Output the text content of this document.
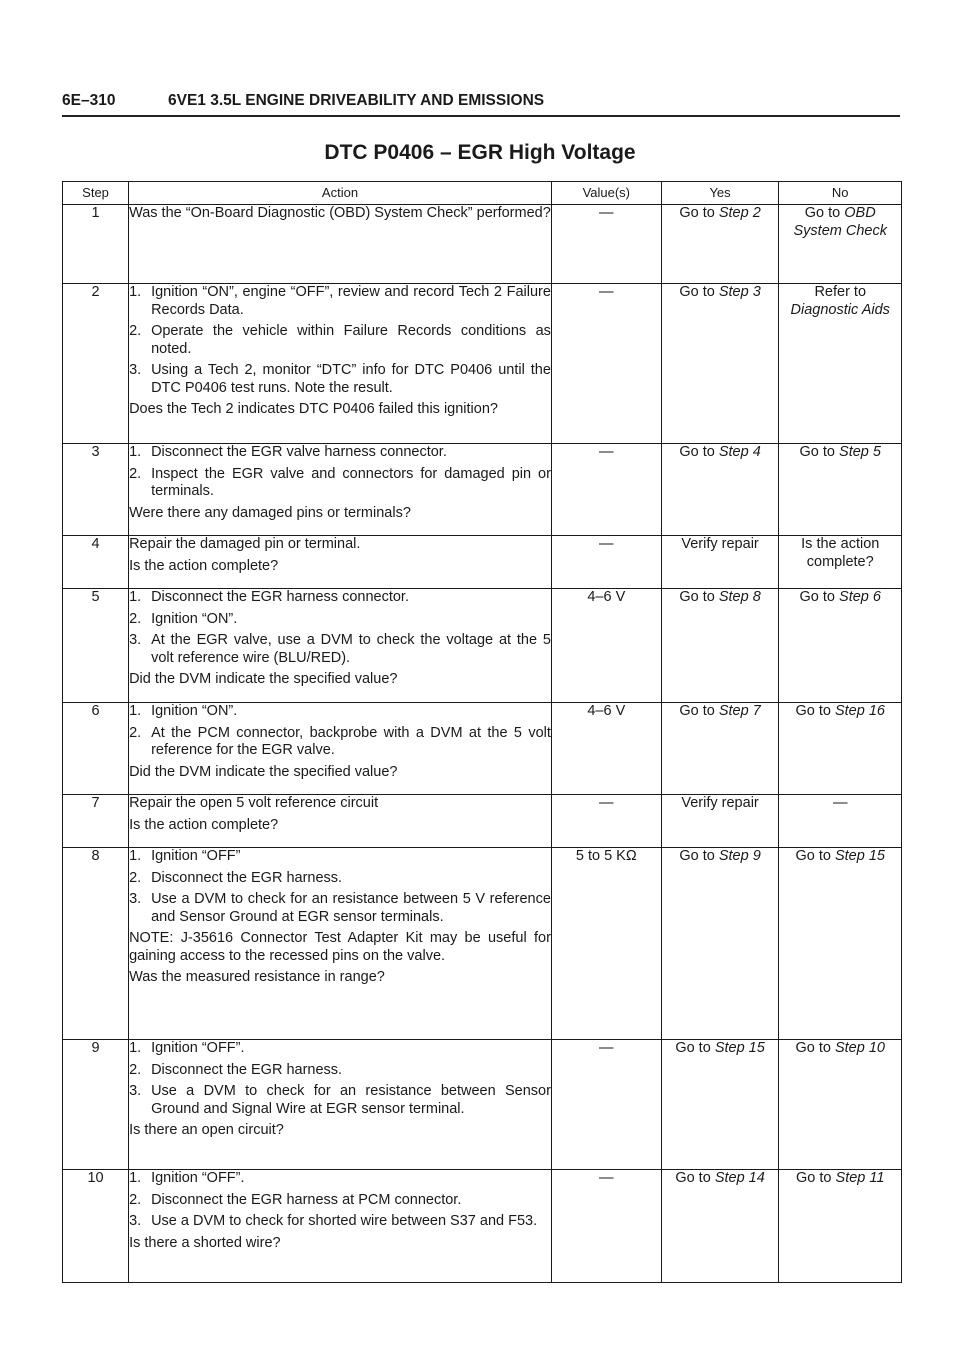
6E–310	6VE1 3.5L ENGINE DRIVEABILITY AND EMISSIONS
DTC P0406 – EGR High Voltage
Step	Action	Value(s)	Yes	No
1	Was the “On-Board Diagnostic (OBD) System Check” performed?	—	Go to Step 2	Go to OBD System Check
2	1. Ignition “ON”, engine “OFF”, review and record Tech 2 Failure Records Data.
2. Operate the vehicle within Failure Records conditions as noted.
3. Using a Tech 2, monitor “DTC” info for DTC P0406 until the DTC P0406 test runs. Note the result.
Does the Tech 2 indicates DTC P0406 failed this ignition?	—	Go to Step 3	Refer to Diagnostic Aids
3	1. Disconnect the EGR valve harness connector.
2. Inspect the EGR valve and connectors for damaged pin or terminals.
Were there any damaged pins or terminals?	—	Go to Step 4	Go to Step 5
4	Repair the damaged pin or terminal.
Is the action complete?	—	Verify repair	Is the action complete?
5	1. Disconnect the EGR harness connector.
2. Ignition “ON”.
3. At the EGR valve, use a DVM to check the voltage at the 5 volt reference wire (BLU/RED).
Did the DVM indicate the specified value?	4–6 V	Go to Step 8	Go to Step 6
6	1. Ignition “ON”.
2. At the PCM connector, backprobe with a DVM at the 5 volt reference for the EGR valve.
Did the DVM indicate the specified value?	4–6 V	Go to Step 7	Go to Step 16
7	Repair the open 5 volt reference circuit
Is the action complete?	—	Verify repair	—
8	1. Ignition “OFF”
2. Disconnect the EGR harness.
3. Use a DVM to check for an resistance between 5 V reference and Sensor Ground at EGR sensor terminals.
NOTE: J-35616 Connector Test Adapter Kit may be useful for gaining access to the recessed pins on the valve.
Was the measured resistance in range?	5 to 5 KΩ	Go to Step 9	Go to Step 15
9	1. Ignition “OFF”.
2. Disconnect the EGR harness.
3. Use a DVM to check for an resistance between Sensor Ground and Signal Wire at EGR sensor terminal.
Is there an open circuit?	—	Go to Step 15	Go to Step 10
10	1. Ignition “OFF”.
2. Disconnect the EGR harness at PCM connector.
3. Use a DVM to check for shorted wire between S37 and F53.
Is there a shorted wire?	—	Go to Step 14	Go to Step 11
